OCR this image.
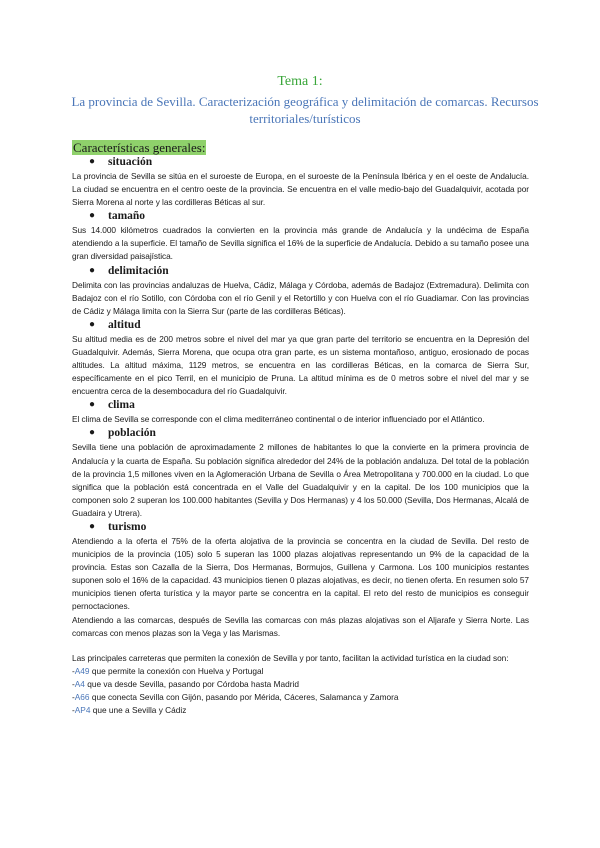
Tema 1:
La provincia de Sevilla. Caracterización geográfica y delimitación de comarcas. Recursos territoriales/turísticos
Características generales:
● situación

La provincia de Sevilla se sitúa en el suroeste de Europa, en el suroeste de la Península Ibérica y en el oeste de Andalucía. La ciudad se encuentra en el centro oeste de la provincia. Se encuentra en el valle medio-bajo del Guadalquivir, acotada por Sierra Morena al norte y las cordilleras Béticas al sur.

● tamaño

Sus 14.000 kilómetros cuadrados la convierten en la provincia más grande de Andalucía y la undécima de España atendiendo a la superficie. El tamaño de Sevilla significa el 16% de la superficie de Andalucía. Debido a su tamaño posee una gran diversidad paisajística.

● delimitación

Delimita con las provincias andaluzas de Huelva, Cádiz, Málaga y Córdoba, además de Badajoz (Extremadura). Delimita con Badajoz con el río Sotillo, con Córdoba con el río Genil y el Retortillo y con Huelva con el río Guadiamar. Con las provincias de Cádiz y Málaga limita con la Sierra Sur (parte de las cordilleras Béticas).

● altitud

Su altitud media es de 200 metros sobre el nivel del mar ya que gran parte del territorio se encuentra en la Depresión del Guadalquivir. Además, Sierra Morena, que ocupa otra gran parte, es un sistema montañoso, antiguo, erosionado de pocas altitudes. La altitud máxima, 1129 metros, se encuentra en las cordilleras Béticas, en la comarca de Sierra Sur, específicamente en el pico Terril, en el municipio de Pruna. La altitud mínima es de 0 metros sobre el nivel del mar y se encuentra cerca de la desembocadura del río Guadalquivir.

● clima

El clima de Sevilla se corresponde con el clima mediterráneo continental o de interior influenciado por el Atlántico.

● población

Sevilla tiene una población de aproximadamente 2 millones de habitantes lo que la convierte en la primera provincia de Andalucía y la cuarta de España. Su población significa alrededor del 24% de la población andaluza. Del total de la población de la provincia 1,5 millones viven en la Aglomeración Urbana de Sevilla o Área Metropolitana y 700.000 en la ciudad. Lo que significa que la población está concentrada en el Valle del Guadalquivir y en la capital. De los 100 municipios que la componen solo 2 superan los 100.000 habitantes (Sevilla y Dos Hermanas) y 4 los 50.000 (Sevilla, Dos Hermanas, Alcalá de Guadaira y Utrera).

● turismo

Atendiendo a la oferta el 75% de la oferta alojativa de la provincia se concentra en la ciudad de Sevilla. Del resto de municipios de la provincia (105) solo 5 superan las 1000 plazas alojativas representando un 9% de la capacidad de la provincia. Estas son Cazalla de la Sierra, Dos Hermanas, Bormujos, Guillena y Carmona. Los 100 municipios restantes suponen solo el 16% de la capacidad. 43 municipios tienen 0 plazas alojativas, es decir, no tienen oferta. En resumen solo 57 municipios tienen oferta turística y la mayor parte se concentra en la capital. El reto del resto de municipios es conseguir pernoctaciones.

Atendiendo a las comarcas, después de Sevilla las comarcas con más plazas alojativas son el Aljarafe y Sierra Norte. Las comarcas con menos plazas son la Vega y las Marismas.

Las principales carreteras que permiten la conexión de Sevilla y por tanto, facilitan la actividad turística en la ciudad son:

-A49 que permite la conexión con Huelva y Portugal

-A4 que va desde Sevilla, pasando por Córdoba hasta Madrid

-A66 que conecta Sevilla con Gijón, pasando por Mérida, Cáceres, Salamanca y Zamora

-AP4 que une a Sevilla y Cádiz
